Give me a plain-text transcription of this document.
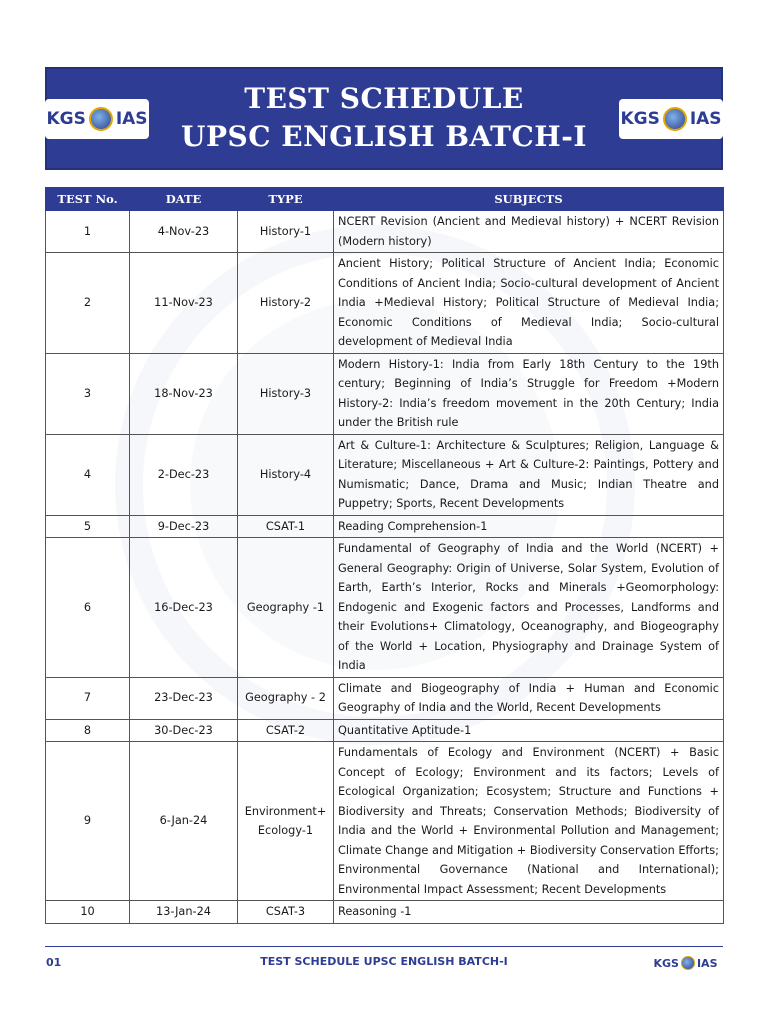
KGS IAS
TEST SCHEDULE
UPSC ENGLISH BATCH-I
KGS IAS
TEST No.	DATE	TYPE	SUBJECTS
1	4-Nov-23	History-1	NCERT Revision (Ancient and Medieval history) + NCERT Revision (Modern history)
2	11-Nov-23	History-2	Ancient History; Political Structure of Ancient India; Economic Conditions of Ancient India; Socio-cultural development of Ancient India +Medieval History; Political Structure of Medieval India; Economic Conditions of Medieval India; Socio-cultural development of Medieval India
3	18-Nov-23	History-3	Modern History-1: India from Early 18th Century to the 19th century; Beginning of India’s Struggle for Freedom +Modern History-2: India’s freedom movement in the 20th Century; India under the British rule
4	2-Dec-23	History-4	Art & Culture-1: Architecture & Sculptures; Religion, Language & Literature; Miscellaneous + Art & Culture-2: Paintings, Pottery and Numismatic; Dance, Drama and Music; Indian Theatre and Puppetry; Sports, Recent Developments
5	9-Dec-23	CSAT-1	Reading Comprehension-1
6	16-Dec-23	Geography -1	Fundamental of Geography of India and the World (NCERT) + General Geography: Origin of Universe, Solar System, Evolution of Earth, Earth’s Interior, Rocks and Minerals +Geomorphology: Endogenic and Exogenic factors and Processes, Landforms and their Evolutions+ Climatology, Oceanography, and Biogeography of the World + Location, Physiography and Drainage System of India
7	23-Dec-23	Geography - 2	Climate and Biogeography of India + Human and Economic Geography of India and the World, Recent Developments
8	30-Dec-23	CSAT-2	Quantitative Aptitude-1
9	6-Jan-24	Environment+ Ecology-1	Fundamentals of Ecology and Environment (NCERT) + Basic Concept of Ecology; Environment and its factors; Levels of Ecological Organization; Ecosystem; Structure and Functions + Biodiversity and Threats; Conservation Methods; Biodiversity of India and the World + Environmental Pollution and Management; Climate Change and Mitigation + Biodiversity Conservation Efforts; Environmental Governance (National and International); Environmental Impact Assessment; Recent Developments
10	13-Jan-24	CSAT-3	Reasoning -1
01	TEST SCHEDULE UPSC ENGLISH BATCH-I	KGS IAS
